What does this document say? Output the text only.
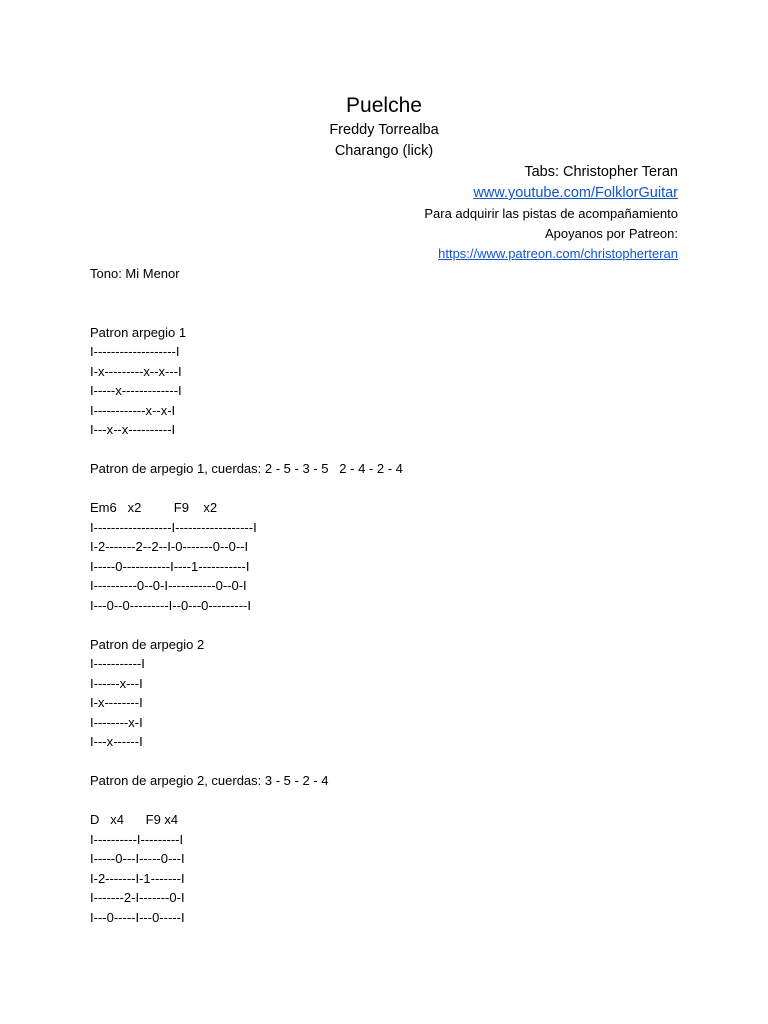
Puelche
Freddy Torrealba
Charango (lick)
Tabs: Christopher Teran
www.youtube.com/FolklorGuitar
Para adquirir las pistas de acompañamiento
Apoyanos por Patreon:
https://www.patreon.com/christopherteran
Tono: Mi Menor
Patron arpegio 1
I-------------------I
I-x---------x--x---I
I-----x-------------I
I------------x--x-I
I---x--x----------I
Patron de arpegio 1, cuerdas: 2 - 5 - 3 - 5   2 - 4 - 2 - 4
Em6   x2         F9    x2
I------------------I------------------I
I-2-------2--2--I-0-------0--0--I
I-----0-----------I----1-----------I
I----------0--0-I-----------0--0-I
I---0--0---------I--0---0---------I
Patron de arpegio 2
I-----------I
I------x---I
I-x--------I
I--------x-I
I---x------I
Patron de arpegio 2, cuerdas: 3 - 5 - 2 - 4
D   x4      F9 x4
I----------I---------I
I-----0---I-----0---I
I-2-------I-1-------I
I-------2-I-------0-I
I---0-----I---0-----I
